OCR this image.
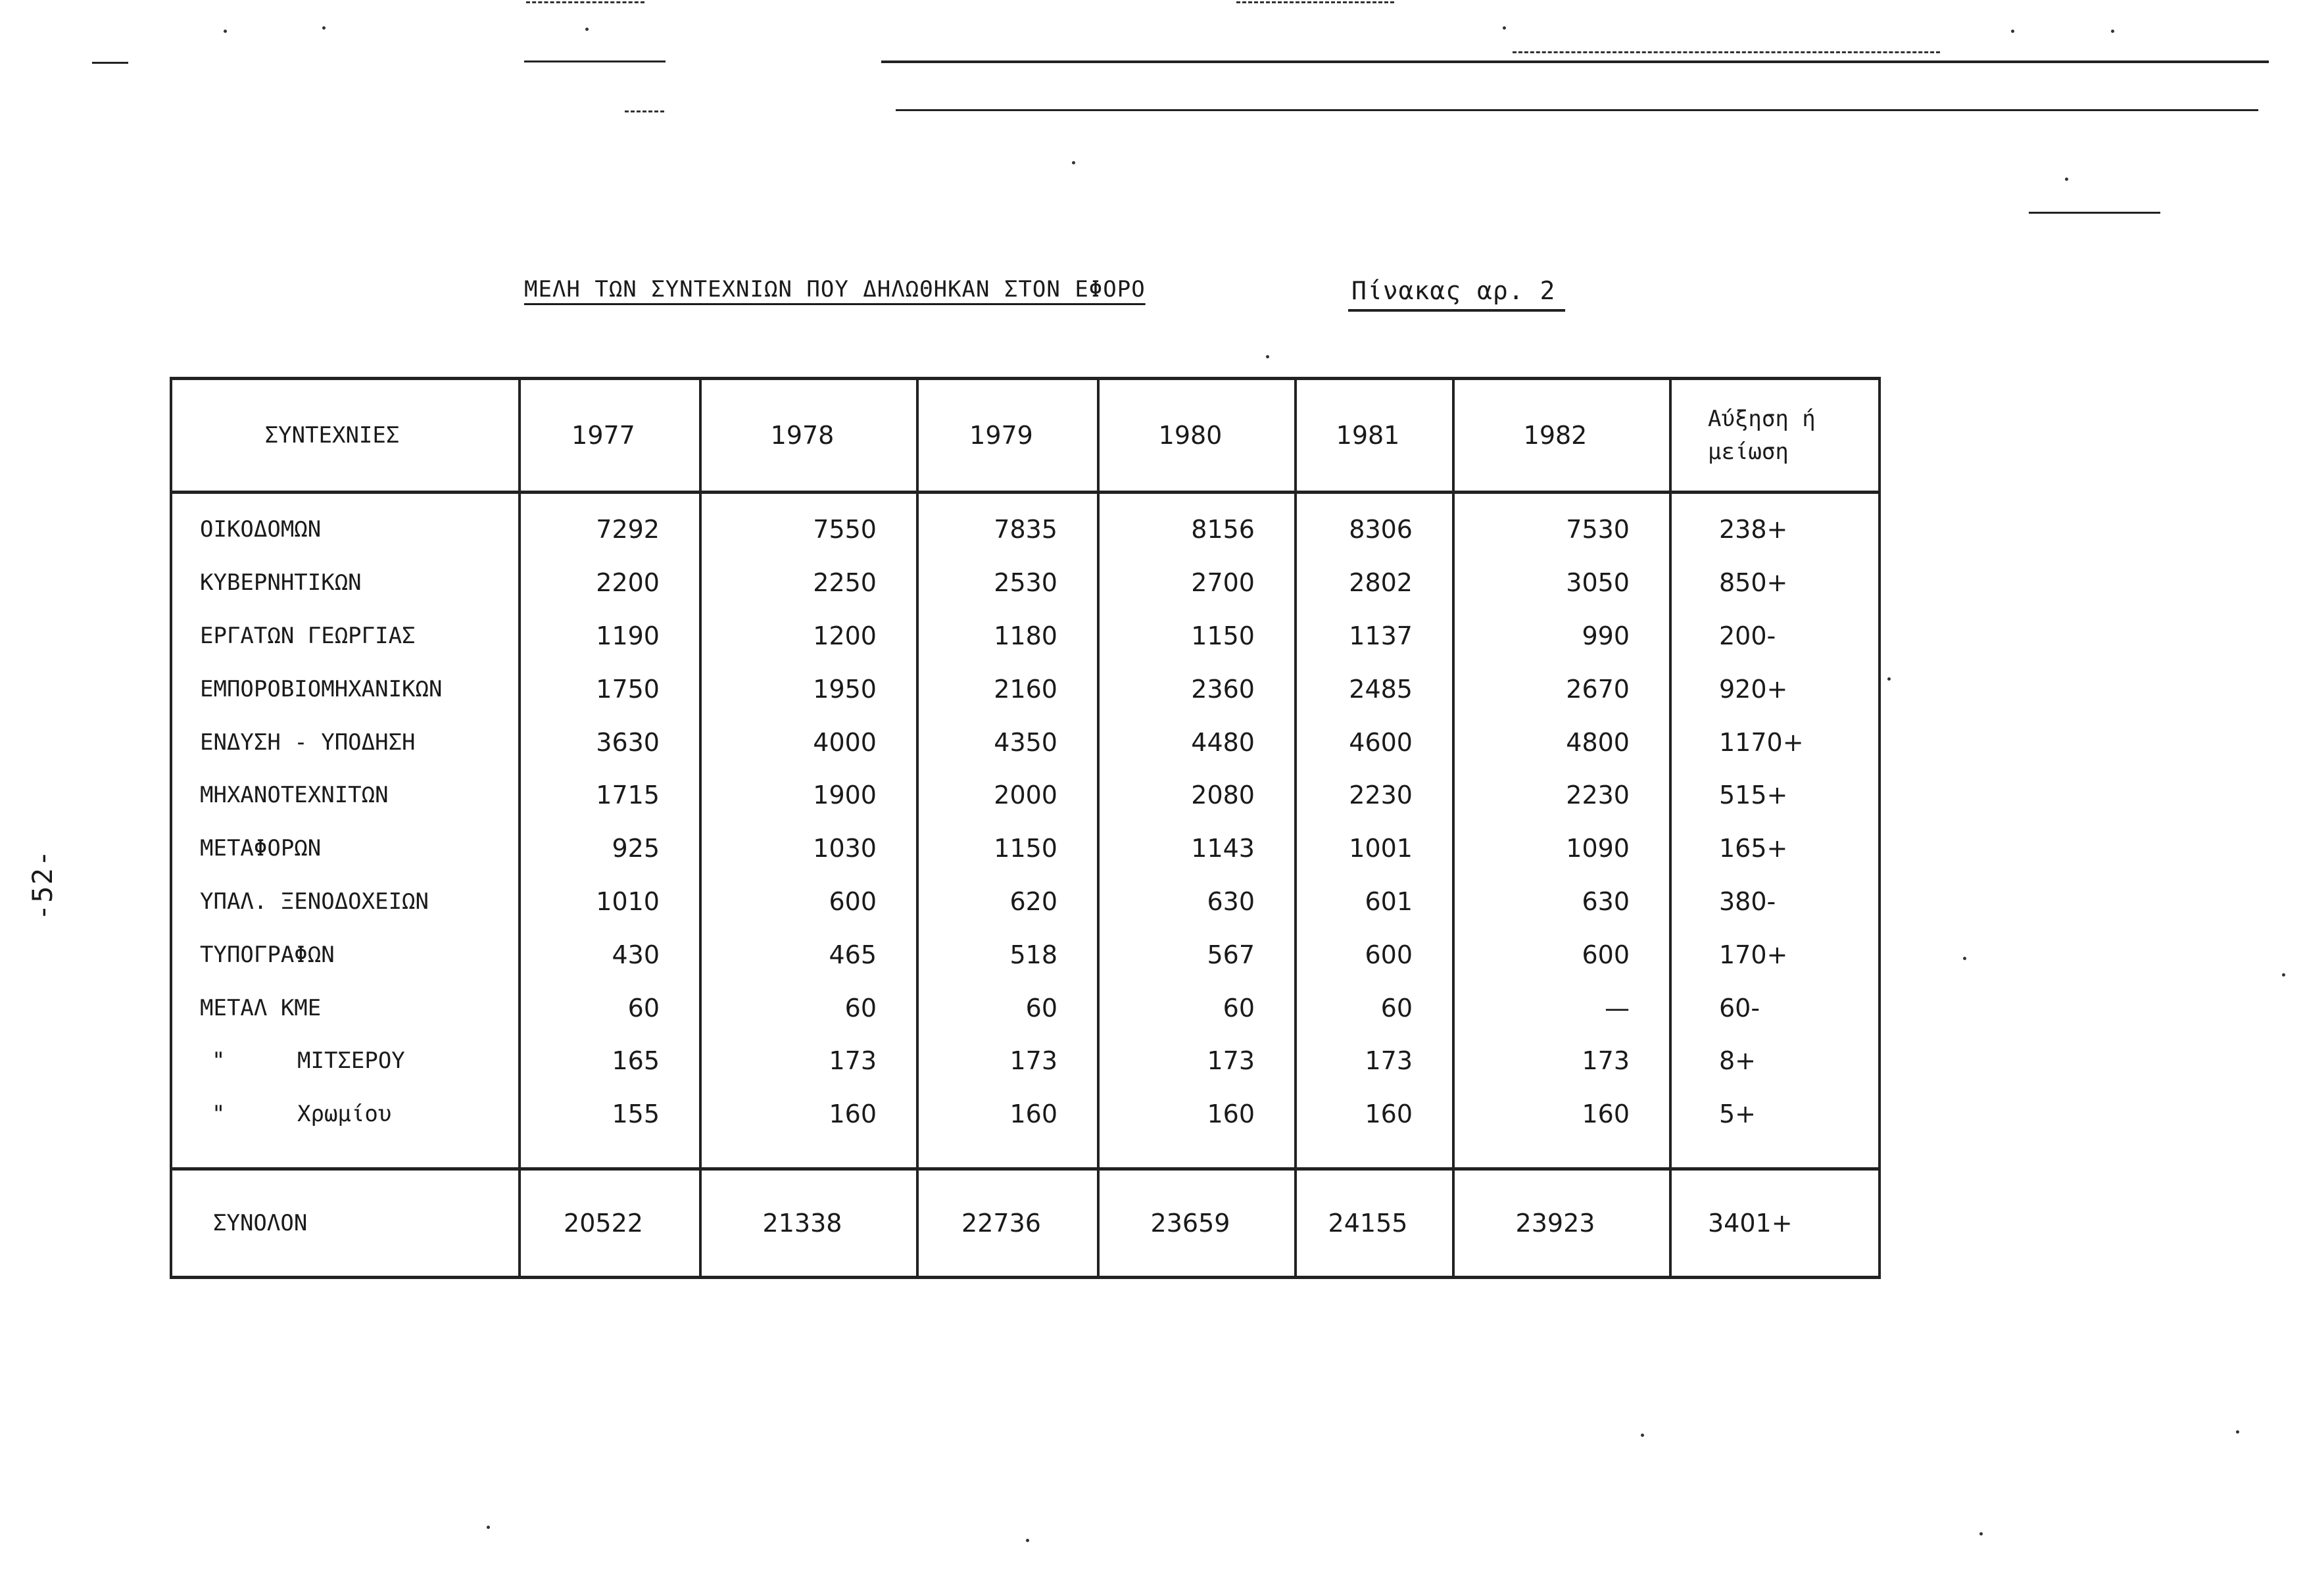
-52-
ΜΕΛΗ ΤΩΝ ΣΥΝΤΕΧΝΙΩΝ ΠΟΥ ΔΗΛΩΘΗΚΑΝ ΣΤΟΝ ΕΦΟΡΟ	Πίνακας αρ. 2
ΣΥΝΤΕΧΝΙΕΣ	1977	1978	1979	1980	1981	1982	Αύξηση ή μείωση
ΟΙΚΟΔΟΜΩΝ	7292	7550	7835	8156	8306	7530	238+
ΚΥΒΕΡΝΗΤΙΚΩΝ	2200	2250	2530	2700	2802	3050	850+
ΕΡΓΑΤΩΝ ΓΕΩΡΓΙΑΣ	1190	1200	1180	1150	1137	990	200-
ΕΜΠΟΡΟΒΙΟΜΗΧΑΝΙΚΩΝ	1750	1950	2160	2360	2485	2670	920+
ΕΝΔΥΣΗ - ΥΠΟΔΗΣΗ	3630	4000	4350	4480	4600	4800	1170+
ΜΗΧΑΝΟΤΕΧΝΙΤΩΝ	1715	1900	2000	2080	2230	2230	515+
ΜΕΤΑΦΟΡΩΝ	925	1030	1150	1143	1001	1090	165+
ΥΠΑΛ. ΞΕΝΟΔΟΧΕΙΩΝ	1010	600	620	630	601	630	380-
ΤΥΠΟΓΡΑΦΩΝ	430	465	518	567	600	600	170+
ΜΕΤΑΛ ΚΜΕ	60	60	60	60	60	—	60-
" ΜΙΤΣΕΡΟΥ	165	173	173	173	173	173	8+
" Χρωμίου	155	160	160	160	160	160	5+

ΣΥΝΟΛΟΝ	20522	21338	22736	23659	24155	23923	3401+
